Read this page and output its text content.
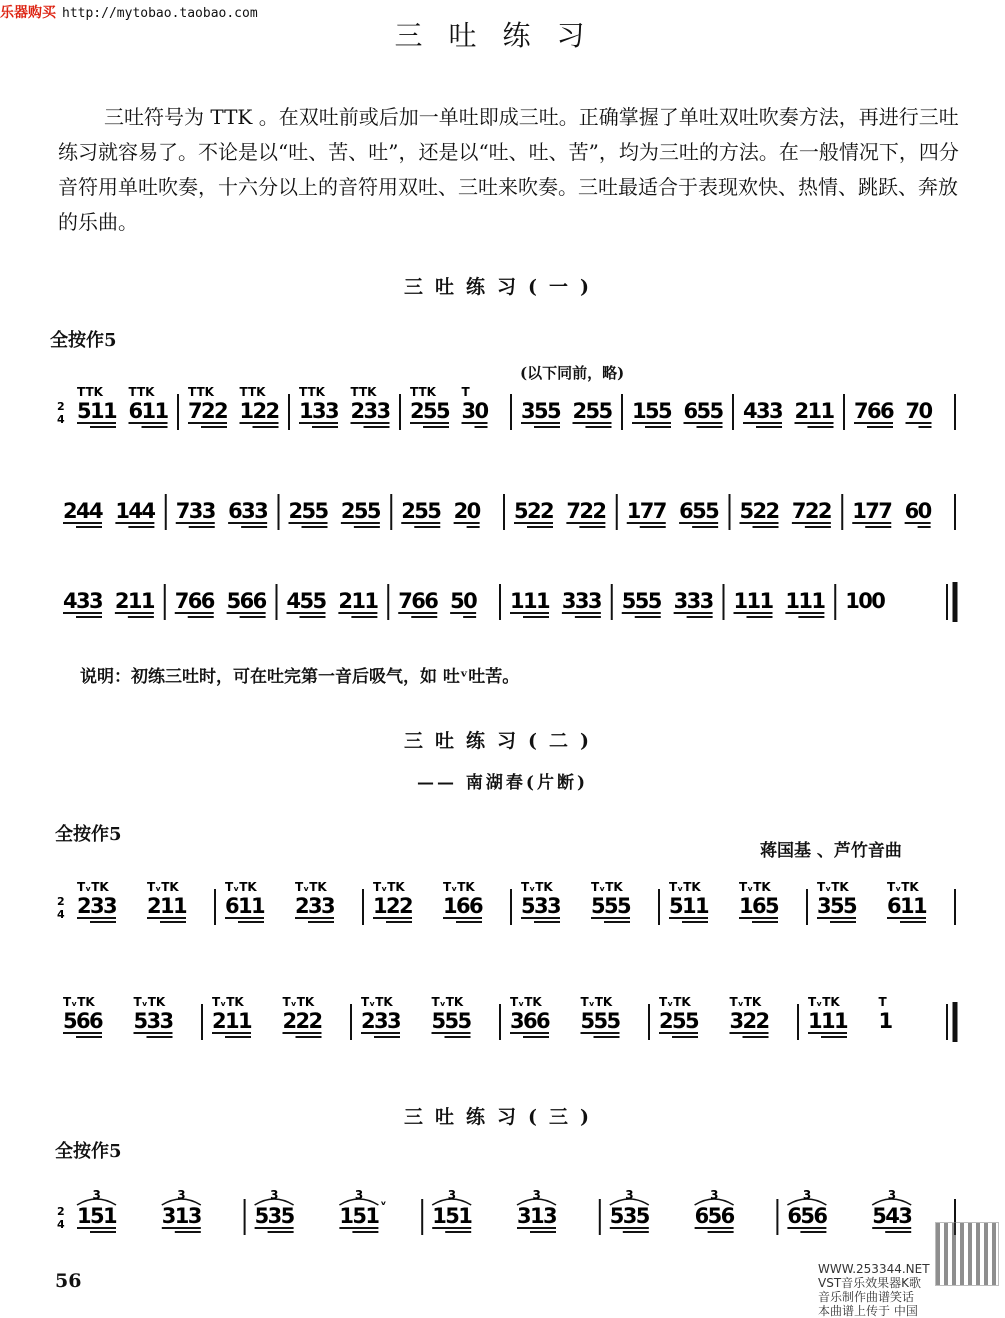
乐器购买 http://mytobao.taobao.com
三吐练习
三吐符号为 TTK 。在双吐前或后加一单吐即成三吐。正确掌握了单吐双吐吹奏方法，再进行三吐练习就容易了。不论是以“吐、苦、吐”，还是以“吐、吐、苦”，均为三吐的方法。在一般情况下，四分音符用单吐吹奏，十六分以上的音符用双吐、三吐来吹奏。三吐最适合于表现欢快、热情、跳跃、奔放的乐曲。
三吐练习(一)
全按作5
(以下同前，略)
2
4
TTK
5
1
1
TTK
6
1
1
TTK
7
2
2
TTK
1
2
2
TTK
1
3
3
TTK
2
3
3
TTK
2
5
5
T
3
0 3
5
5 2
5
5 1
5
5 6
5
5 4
3
3 2
1
1 7
6
6 7
0
2
4
4 1
4
4 7
3
3 6
3
3 2
5
5 2
5
5 2
5
5 2
0 5
2
2 7
2
2 1
7
7 6
5
5 5
2
2 7
2
2 1
7
7 6
0
4
3
3 2
1
1 7
6
6 5
6
6 4
5
5 2
1
1 7
6
6 5
0 1
1
1 3
3
3 5
5
5 3
3
3 1
1
1 1
1
1 1
0
0
说明：初练三吐时，可在吐完第一音后吸气，如 吐ᵛ吐苦。
三吐练习(二)
—— 南湖春(片断)
全按作5
蒋国基 、芦竹音曲
2
4
TᵥTK
2
3
3
TᵥTK
2
1
1
TᵥTK
6
1
1
TᵥTK
2
3
3
TᵥTK
1
2
2
TᵥTK
1
6
6
TᵥTK
5
3
3
TᵥTK
5
5
5
TᵥTK
5
1
1
TᵥTK
1
6
5
TᵥTK
3
5
5
TᵥTK
6
1
1
TᵥTK
5
6
6
TᵥTK
5
3
3
TᵥTK
2
1
1
TᵥTK
2
2
2
TᵥTK
2
3
3
TᵥTK
5
5
5
TᵥTK
3
6
6
TᵥTK
5
5
5
TᵥTK
2
5
5
TᵥTK
3
2
2
TᵥTK
1
1
1
T
1
三吐练习(三)
全按作5
2
4
3
1
5
1
3
3
1
3
3
5
3
5
3
1
5
1 ᵛ
3
1
5
1
3
3
1
3
3
5
3
5
3
6
5
6
3
6
5
6
3
5
4
3
56
WWW.253344.NET
VST音乐效果器K歌
音乐制作曲谱笑话
本曲谱上传于 中国
